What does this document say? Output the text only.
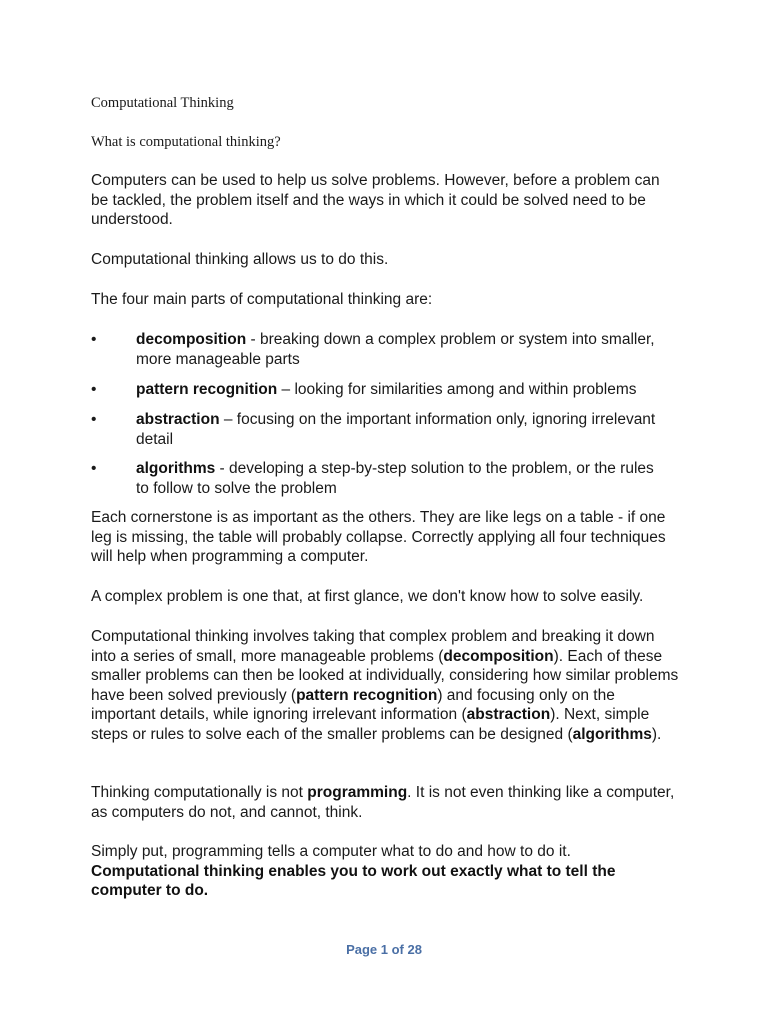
Computational Thinking

What is computational thinking?

Computers can be used to help us solve problems. However, before a problem can be tackled, the problem itself and the ways in which it could be solved need to be understood.

Computational thinking allows us to do this.

The four main parts of computational thinking are:

•	decomposition - breaking down a complex problem or system into smaller, more manageable parts
•	pattern recognition – looking for similarities among and within problems
•	abstraction – focusing on the important information only, ignoring irrelevant detail
•	algorithms - developing a step-by-step solution to the problem, or the rules to follow to solve the problem

Each cornerstone is as important as the others. They are like legs on a table - if one leg is missing, the table will probably collapse. Correctly applying all four techniques will help when programming a computer.

A complex problem is one that, at first glance, we don't know how to solve easily.

Computational thinking involves taking that complex problem and breaking it down into a series of small, more manageable problems (decomposition). Each of these smaller problems can then be looked at individually, considering how similar problems have been solved previously (pattern recognition) and focusing only on the important details, while ignoring irrelevant information (abstraction). Next, simple steps or rules to solve each of the smaller problems can be designed (algorithms).

Thinking computationally is not programming. It is not even thinking like a computer, as computers do not, and cannot, think.

Simply put, programming tells a computer what to do and how to do it.
Computational thinking enables you to work out exactly what to tell the computer to do.

Page 1 of 28
